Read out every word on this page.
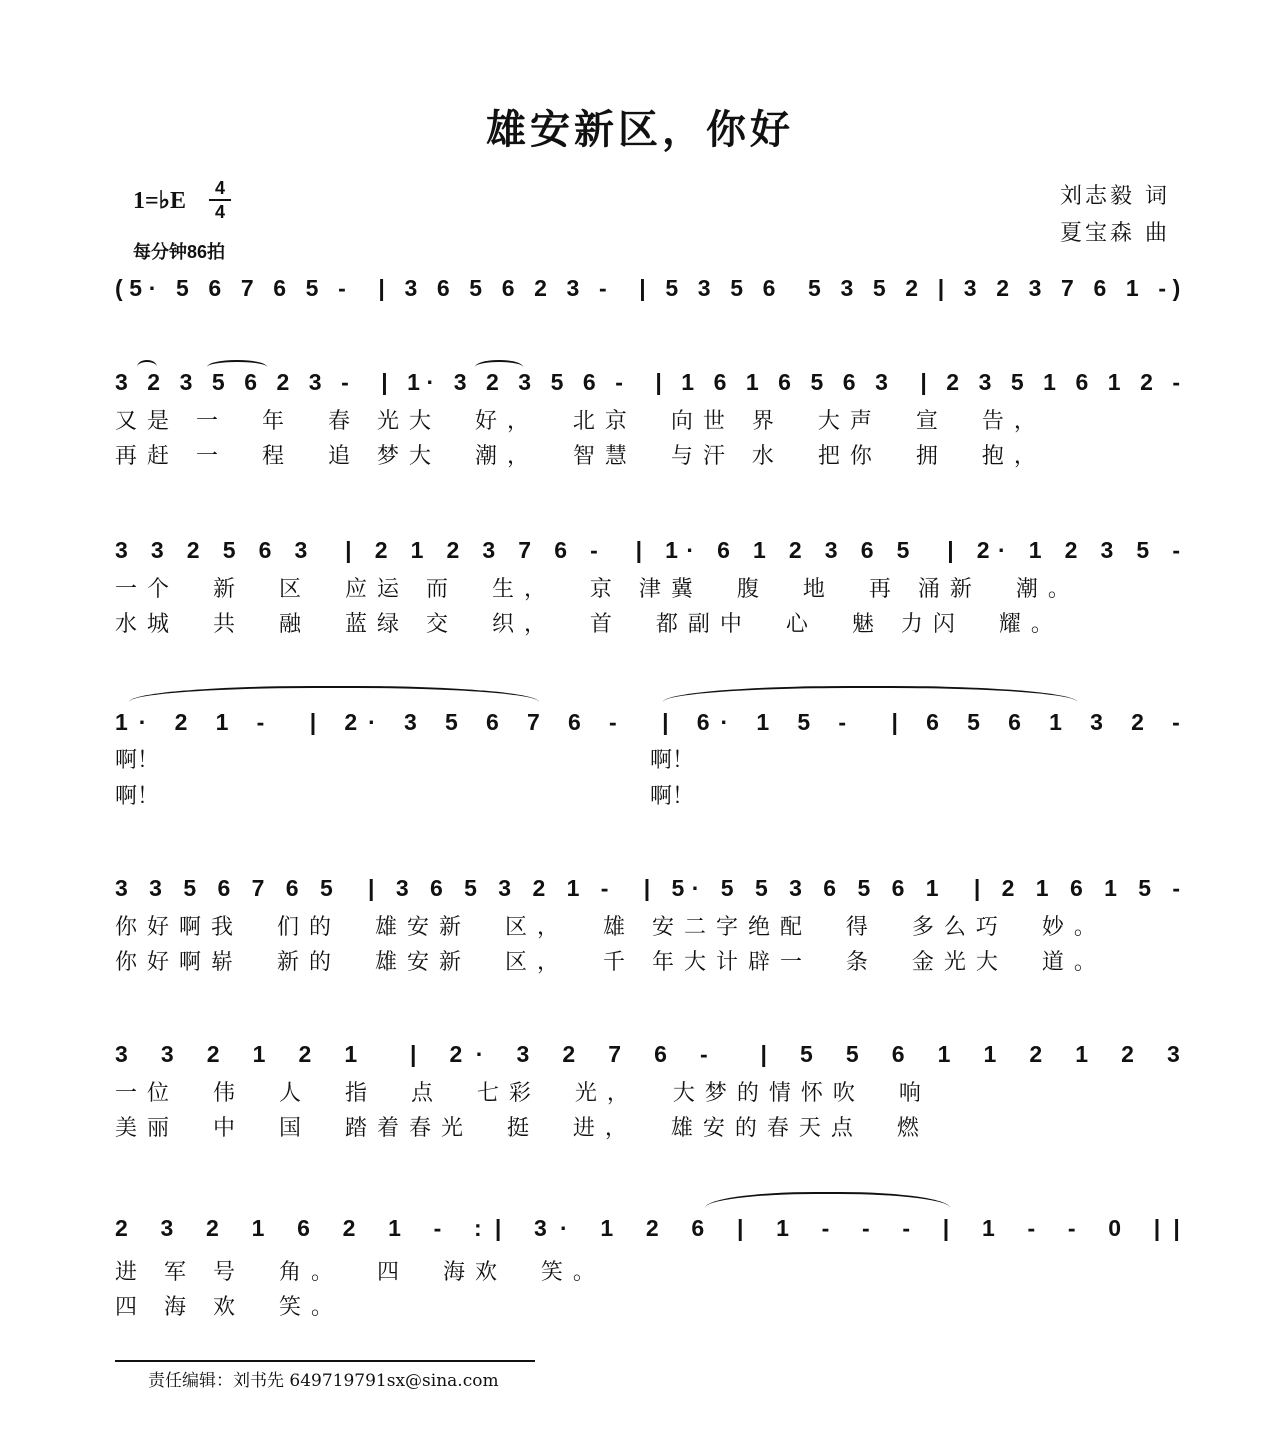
雄安新区，你好
刘志毅 词
夏宝森 曲
1=♭E	4
4
每分钟86拍
(5· 5 6 7 6 5 -  | 3 6 5 6 2 3 -  | 5 3 5 6  5 3 5 2 | 3 2 3 7 6 1 -)
3 2 3 5 6 2 3 -  | 1· 3 2 3 5 6 -  | 1 6 1 6 5 6 3  | 2 3 5 1 6 1 2 -
又是 一  年  春 光大  好，  北京  向世 界  大声  宣  告，
再赶 一  程  追 梦大  潮，  智慧  与汗 水  把你  拥  抱，
3 3 2 5 6 3  | 2 1 2 3 7 6 -  | 1· 6 1 2 3 6 5  | 2· 1 2 3 5 -
一个  新  区  应运 而  生，  京 津冀  腹  地  再 涌新  潮。
水城  共  融  蓝绿 交  织，  首  都副中  心  魅 力闪  耀。
1· 2 1 -  | 2· 3 5 6 7 6 -  | 6· 1 5 -  | 6 5 6 1 3 2 -
啊！
啊！
啊！
啊！
3 3 5 6 7 6 5  | 3 6 5 3 2 1 -  | 5· 5 5 3 6 5 6 1  | 2 1 6 1 5 -
你好啊我  们的  雄安新  区，  雄 安二字绝配  得  多么巧  妙。
你好啊崭  新的  雄安新  区，  千 年大计辟一  条  金光大  道。
3 3 2 1 2 1  | 2· 3 2 7 6 -  | 5 5 6 1 1 2 1 2 3
一位  伟  人  指  点  七彩  光，  大梦的情怀吹  响
美丽  中  国  踏着春光  挺  进，  雄安的春天点  燃
2 3 2 1 6 2 1 - :| 3· 1 2 6 | 1 - - - | 1 - - 0 ||
进 军 号  角。  四  海欢  笑。
四 海 欢  笑。
责任编辑：刘书先 649719791sx@sina.com
